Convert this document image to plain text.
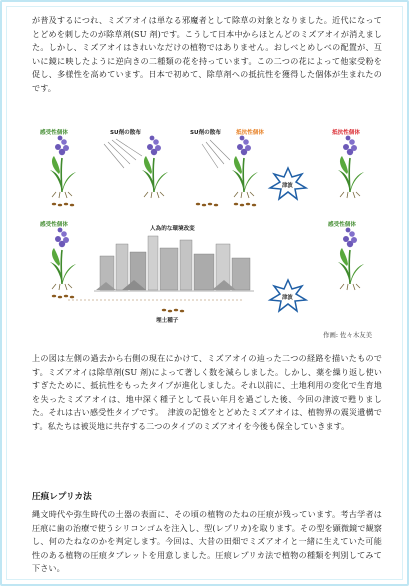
が普及するにつれ、ミズアオイは単なる邪魔者として除草の対象となりました。近代になってとどめを刺したのが除草剤(SU 剤)です。こうして日本中からほとんどのミズアオイが消えました。しかし、ミズアオイはきれいなだけの植物ではありません。おしべとめしべの配置が、互いに鏡に映したように逆向きの二種類の花を持っています。この二つの花によって他家受粉を促し、多様性を高めています。日本で初めて、除草剤への抵抗性を獲得した個体が生まれたのです。

感受性個体	SU剤の散布	SU剤の散布	抵抗性個体	抵抗性個体
津波
感受性個体
人為的な環境改変
感受性個体
津波
埋土種子
作画: 佐々木友美

上の図は左側の過去から右側の現在にかけて、ミズアオイの辿った二つの経路を描いたものです。ミズアオイは除草剤(SU 剤)によって著しく数を減らしました。しかし、薬を繰り返し使いすぎたために、抵抗性をもったタイプが進化しました。それ以前に、土地利用の変化で生育地を失ったミズアオイは、地中深く種子として長い年月を過ごした後、今回の津波で甦りました。それは古い感受性タイプです。　津波の記憶をとどめたミズアオイは、植物界の震災遺構です。私たちは被災地に共存する二つのタイプのミズアオイを今後も保全していきます。

圧痕レプリカ法

縄文時代や弥生時代の土器の表面に、その頃の植物のたねの圧痕が残っています。考古学者は圧痕に歯の治療で使うシリコンゴムを注入し、型(レプリカ)を取ります。その型を顕微鏡で観察し、何のたねなのかを判定します。今回は、大昔の田畑でミズアオイと一緒に生えていた可能性のある植物の圧痕タブレットを用意しました。圧痕レプリカ法で植物の種類を判別してみて下さい。
